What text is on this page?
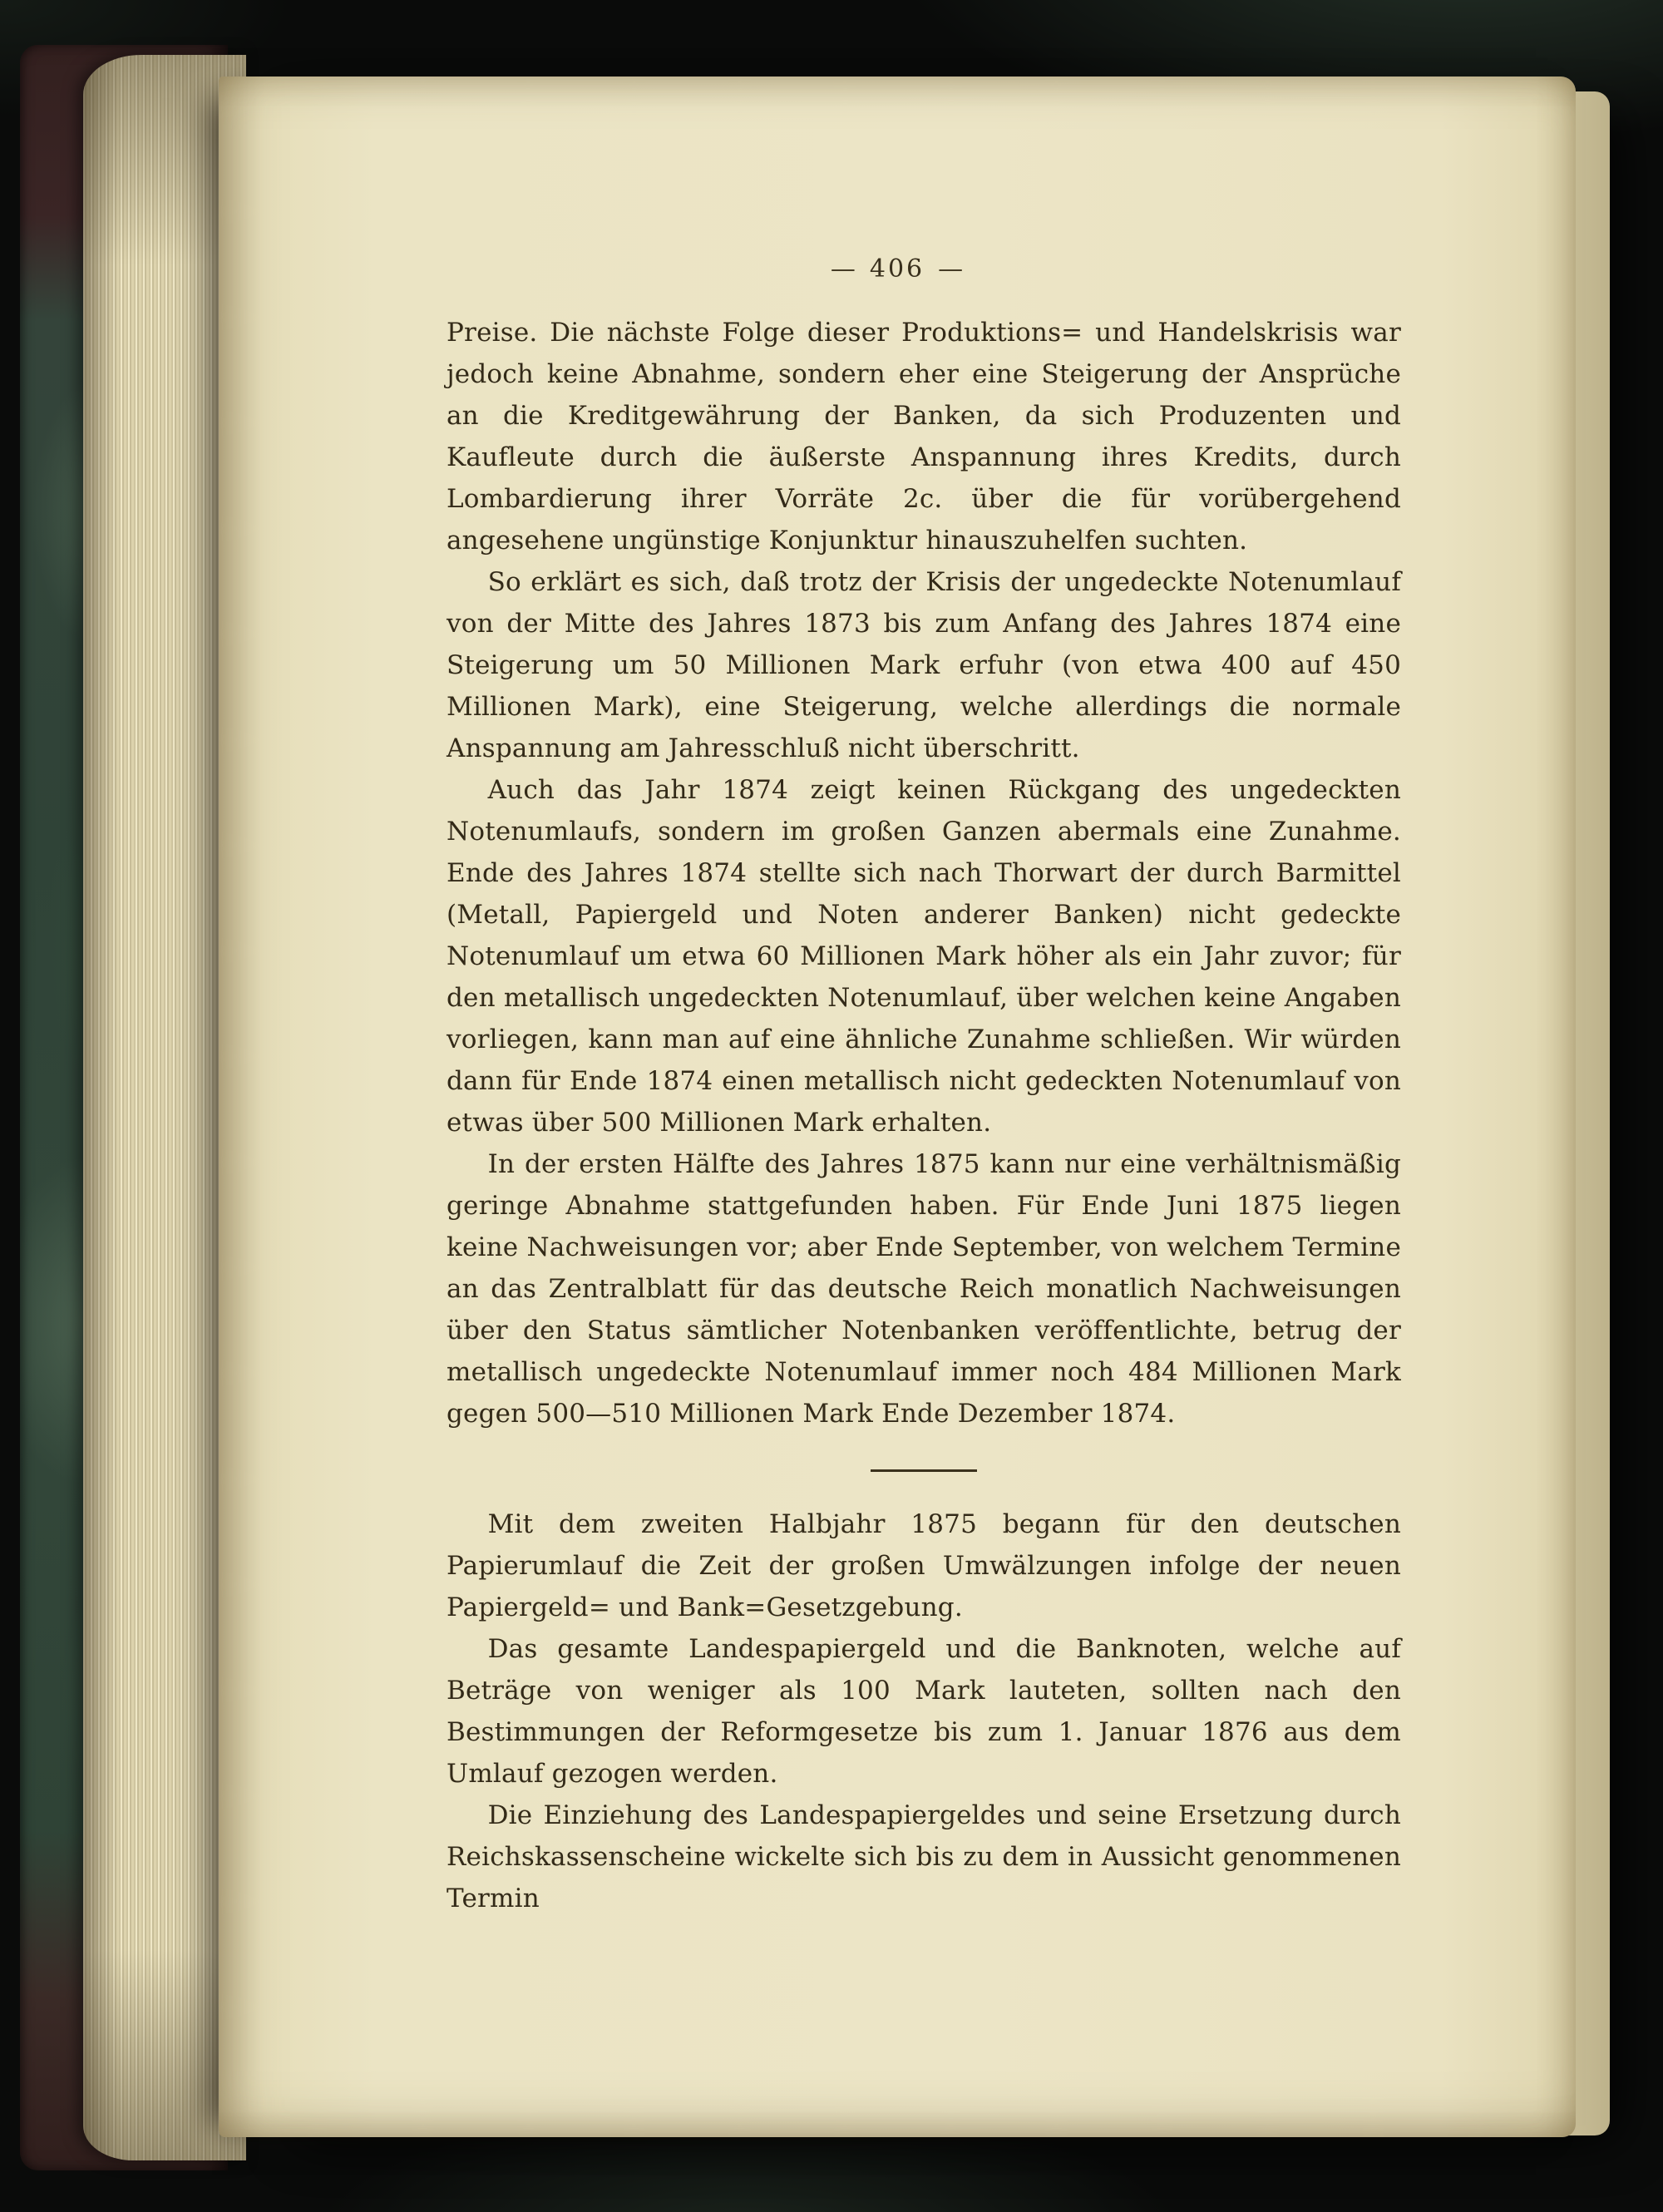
— 406 —

Preise. Die nächste Folge dieser Produktions= und Handelskrisis war jedoch keine Abnahme, sondern eher eine Steigerung der Ansprüche an die Kreditgewährung der Banken, da sich Produzenten und Kaufleute durch die äußerste Anspannung ihres Kredits, durch Lombardierung ihrer Vorräte 2c. über die für vorübergehend angesehene ungünstige Konjunktur hinauszuhelfen suchten.

So erklärt es sich, daß trotz der Krisis der ungedeckte Notenumlauf von der Mitte des Jahres 1873 bis zum Anfang des Jahres 1874 eine Steigerung um 50 Millionen Mark erfuhr (von etwa 400 auf 450 Millionen Mark), eine Steigerung, welche allerdings die normale Anspannung am Jahresschluß nicht überschritt.

Auch das Jahr 1874 zeigt keinen Rückgang des ungedeckten Notenumlaufs, sondern im großen Ganzen abermals eine Zunahme. Ende des Jahres 1874 stellte sich nach Thorwart der durch Barmittel (Metall, Papiergeld und Noten anderer Banken) nicht gedeckte Notenumlauf um etwa 60 Millionen Mark höher als ein Jahr zuvor; für den metallisch ungedeckten Notenumlauf, über welchen keine Angaben vorliegen, kann man auf eine ähnliche Zunahme schließen. Wir würden dann für Ende 1874 einen metallisch nicht gedeckten Notenumlauf von etwas über 500 Millionen Mark erhalten.

In der ersten Hälfte des Jahres 1875 kann nur eine verhältnismäßig geringe Abnahme stattgefunden haben. Für Ende Juni 1875 liegen keine Nachweisungen vor; aber Ende September, von welchem Termine an das Zentralblatt für das deutsche Reich monatlich Nachweisungen über den Status sämtlicher Notenbanken veröffentlichte, betrug der metallisch ungedeckte Notenumlauf immer noch 484 Millionen Mark gegen 500—510 Millionen Mark Ende Dezember 1874.

Mit dem zweiten Halbjahr 1875 begann für den deutschen Papierumlauf die Zeit der großen Umwälzungen infolge der neuen Papiergeld= und Bank=Gesetzgebung.

Das gesamte Landespapiergeld und die Banknoten, welche auf Beträge von weniger als 100 Mark lauteten, sollten nach den Bestimmungen der Reformgesetze bis zum 1. Januar 1876 aus dem Umlauf gezogen werden.

Die Einziehung des Landespapiergeldes und seine Ersetzung durch Reichskassenscheine wickelte sich bis zu dem in Aussicht genommenen Termin
